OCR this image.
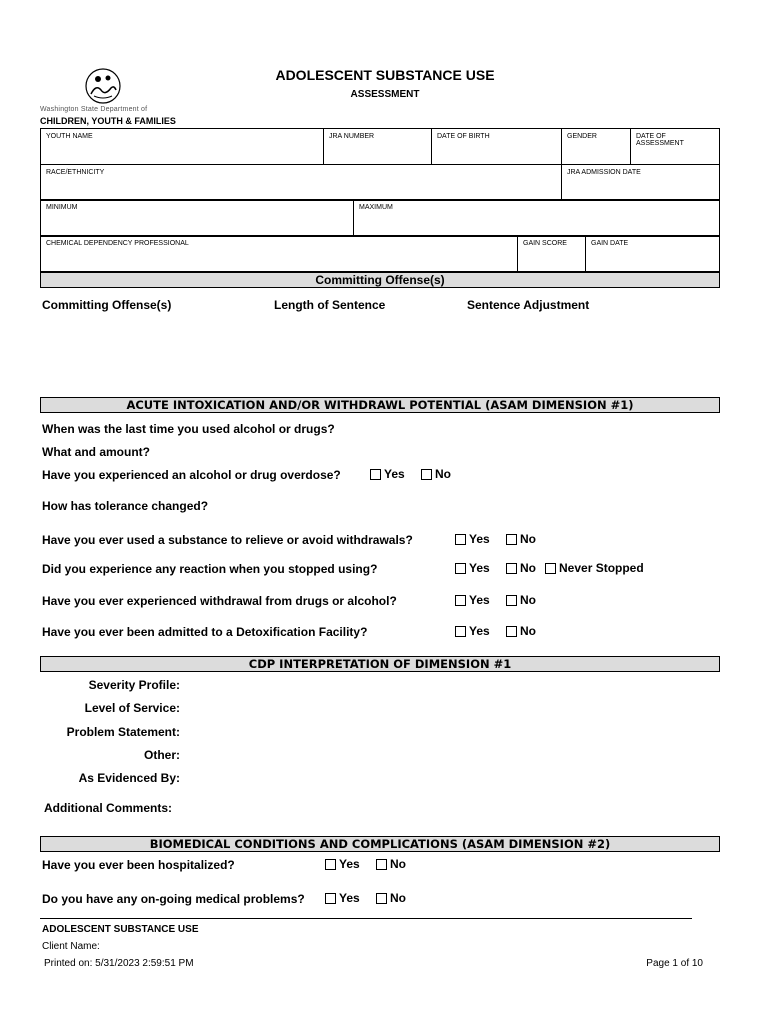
Washington State Department of
CHILDREN, YOUTH & FAMILIES
ADOLESCENT SUBSTANCE USE
ASSESSMENT
YOUTH NAME	JRA NUMBER	DATE OF BIRTH	GENDER	DATE OF ASSESSMENT
RACE/ETHNICITY	JRA ADMISSION DATE
MINIMUM	MAXIMUM
CHEMICAL DEPENDENCY PROFESSIONAL	GAIN SCORE	GAIN DATE
Committing Offense(s)
Committing Offense(s)	Length of Sentence	Sentence Adjustment
ACUTE INTOXICATION AND/OR WITHDRAWL POTENTIAL (ASAM DIMENSION #1)
When was the last time you used alcohol or drugs?
What and amount?
Have you experienced an alcohol or drug overdose?	Yes	No
How has tolerance changed?
Have you ever used a substance to relieve or avoid withdrawals?	Yes	No
Did you experience any reaction when you stopped using?	Yes	No	Never Stopped
Have you ever experienced withdrawal from drugs or alcohol?	Yes	No
Have you ever been admitted to a Detoxification Facility?	Yes	No
CDP INTERPRETATION OF DIMENSION #1
Severity Profile:
Level of Service:
Problem Statement:
Other:
As Evidenced By:
Additional Comments:
BIOMEDICAL CONDITIONS AND COMPLICATIONS (ASAM DIMENSION #2)
Have you ever been hospitalized?	Yes	No
Do you have any on-going medical problems?	Yes	No
ADOLESCENT SUBSTANCE USE
Client Name:
Printed on: 5/31/2023 2:59:51 PM	Page 1 of 10
